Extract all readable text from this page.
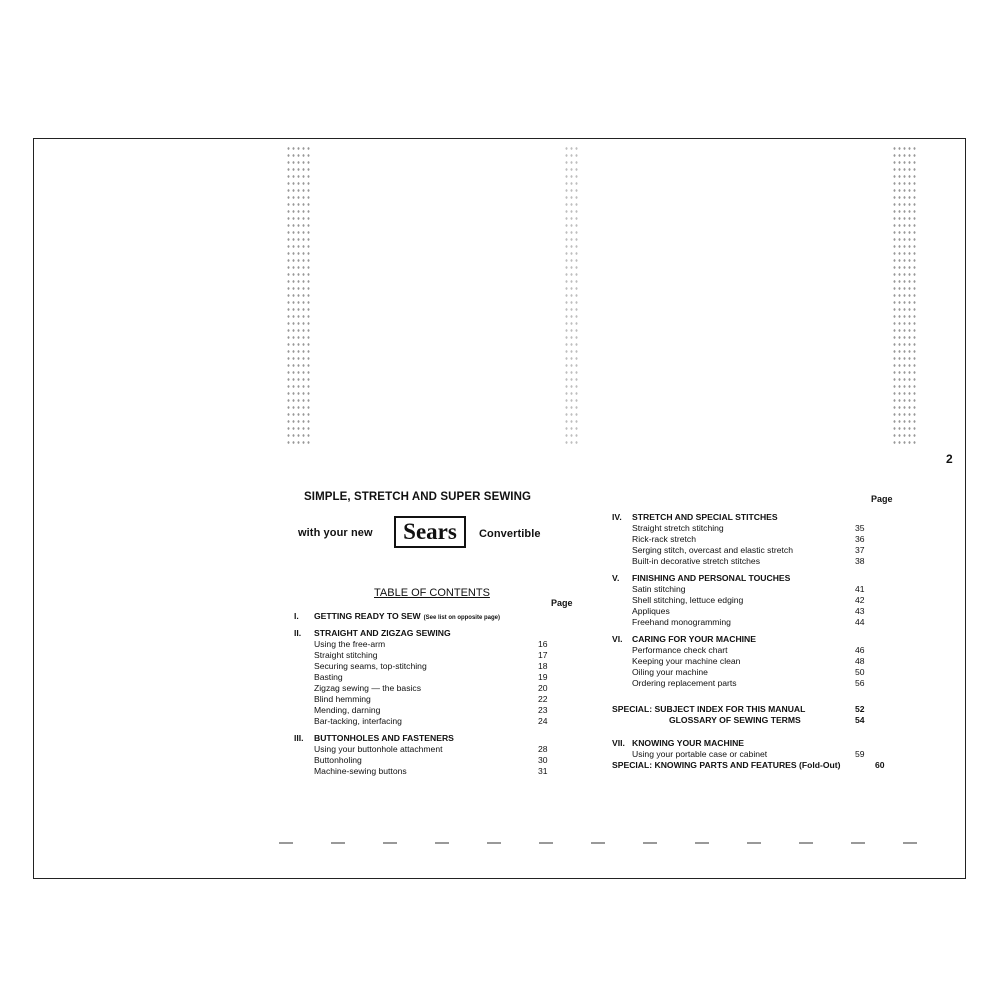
2
SIMPLE, STRETCH AND SUPER SEWING
with your new	Sears	Convertible
TABLE OF CONTENTS
Page
Page
I. GETTING READY TO SEW (See list on opposite page)
II. STRAIGHT AND ZIGZAG SEWING
Using the free-arm	16
Straight stitching	17
Securing seams, top-stitching	18
Basting	19
Zigzag sewing — the basics	20
Blind hemming	22
Mending, darning	23
Bar-tacking, interfacing	24
III. BUTTONHOLES AND FASTENERS
Using your buttonhole attachment	28
Buttonholing	30
Machine-sewing buttons	31
IV. STRETCH AND SPECIAL STITCHES
Straight stretch stitching	35
Rick-rack stretch	36
Serging stitch, overcast and elastic stretch	37
Built-in decorative stretch stitches	38
V. FINISHING AND PERSONAL TOUCHES
Satin stitching	41
Shell stitching, lettuce edging	42
Appliques	43
Freehand monogramming	44
VI. CARING FOR YOUR MACHINE
Performance check chart	46
Keeping your machine clean	48
Oiling your machine	50
Ordering replacement parts	56
SPECIAL: SUBJECT INDEX FOR THIS MANUAL	52
GLOSSARY OF SEWING TERMS	54
VII. KNOWING YOUR MACHINE
Using your portable case or cabinet	59
SPECIAL: KNOWING PARTS AND FEATURES (Fold-Out)	60
